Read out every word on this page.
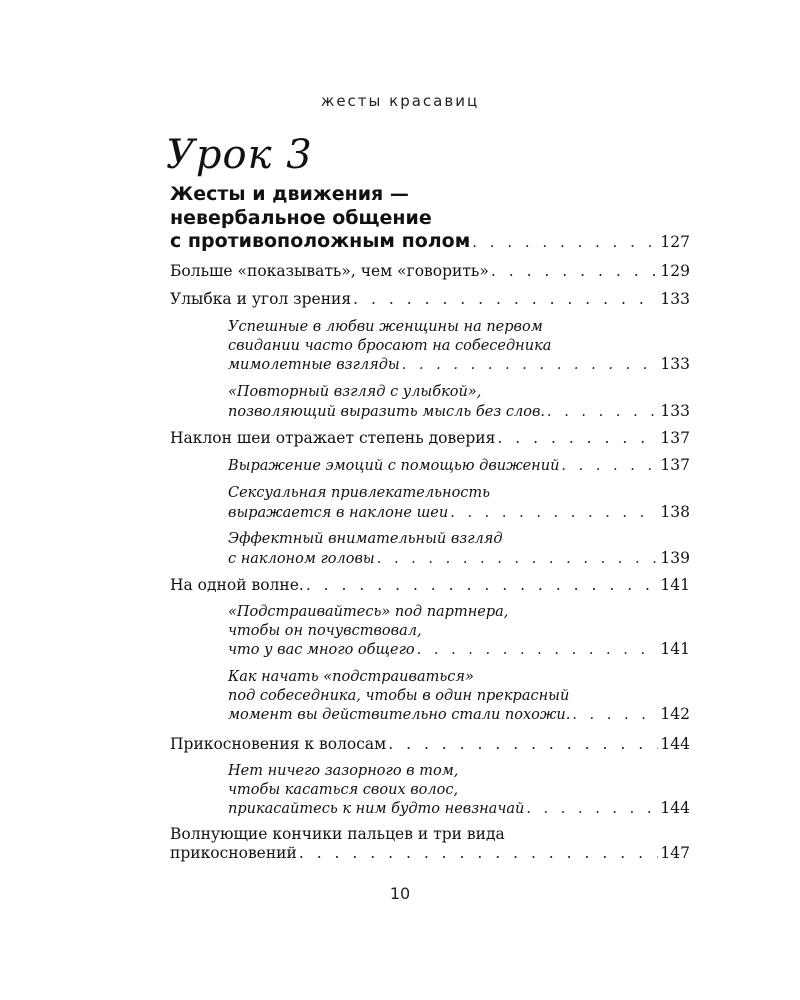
жесты красавиц
Урок 3
Жесты и движения —
невербальное общение
с противоположным полом . . .	127
Больше «показывать», чем «говорить» . . .	129
Улыбка и угол зрения . . .	133
Успешные в любви женщины на первом
свидании часто бросают на собеседника
мимолетные взгляды . . .	133
«Повторный взгляд с улыбкой»,
позволяющий выразить мысль без слов. . . .	133
Наклон шеи отражает степень доверия . . .	137
Выражение эмоций с помощью движений . . .	137
Сексуальная привлекательность
выражается в наклоне шеи . . .	138
Эффектный внимательный взгляд
с наклоном головы . . .	139
На одной волне. . . .	141
«Подстраивайтесь» под партнера,
чтобы он почувствовал,
что у вас много общего . . .	141
Как начать «подстраиваться»
под собеседника, чтобы в один прекрасный
момент вы действительно стали похожи. . . .	142
Прикосновения к волосам . . .	144
Нет ничего зазорного в том,
чтобы касаться своих волос,
прикасайтесь к ним будто невзначай . . .	144
Волнующие кончики пальцев и три вида
прикосновений . . .	147
10
